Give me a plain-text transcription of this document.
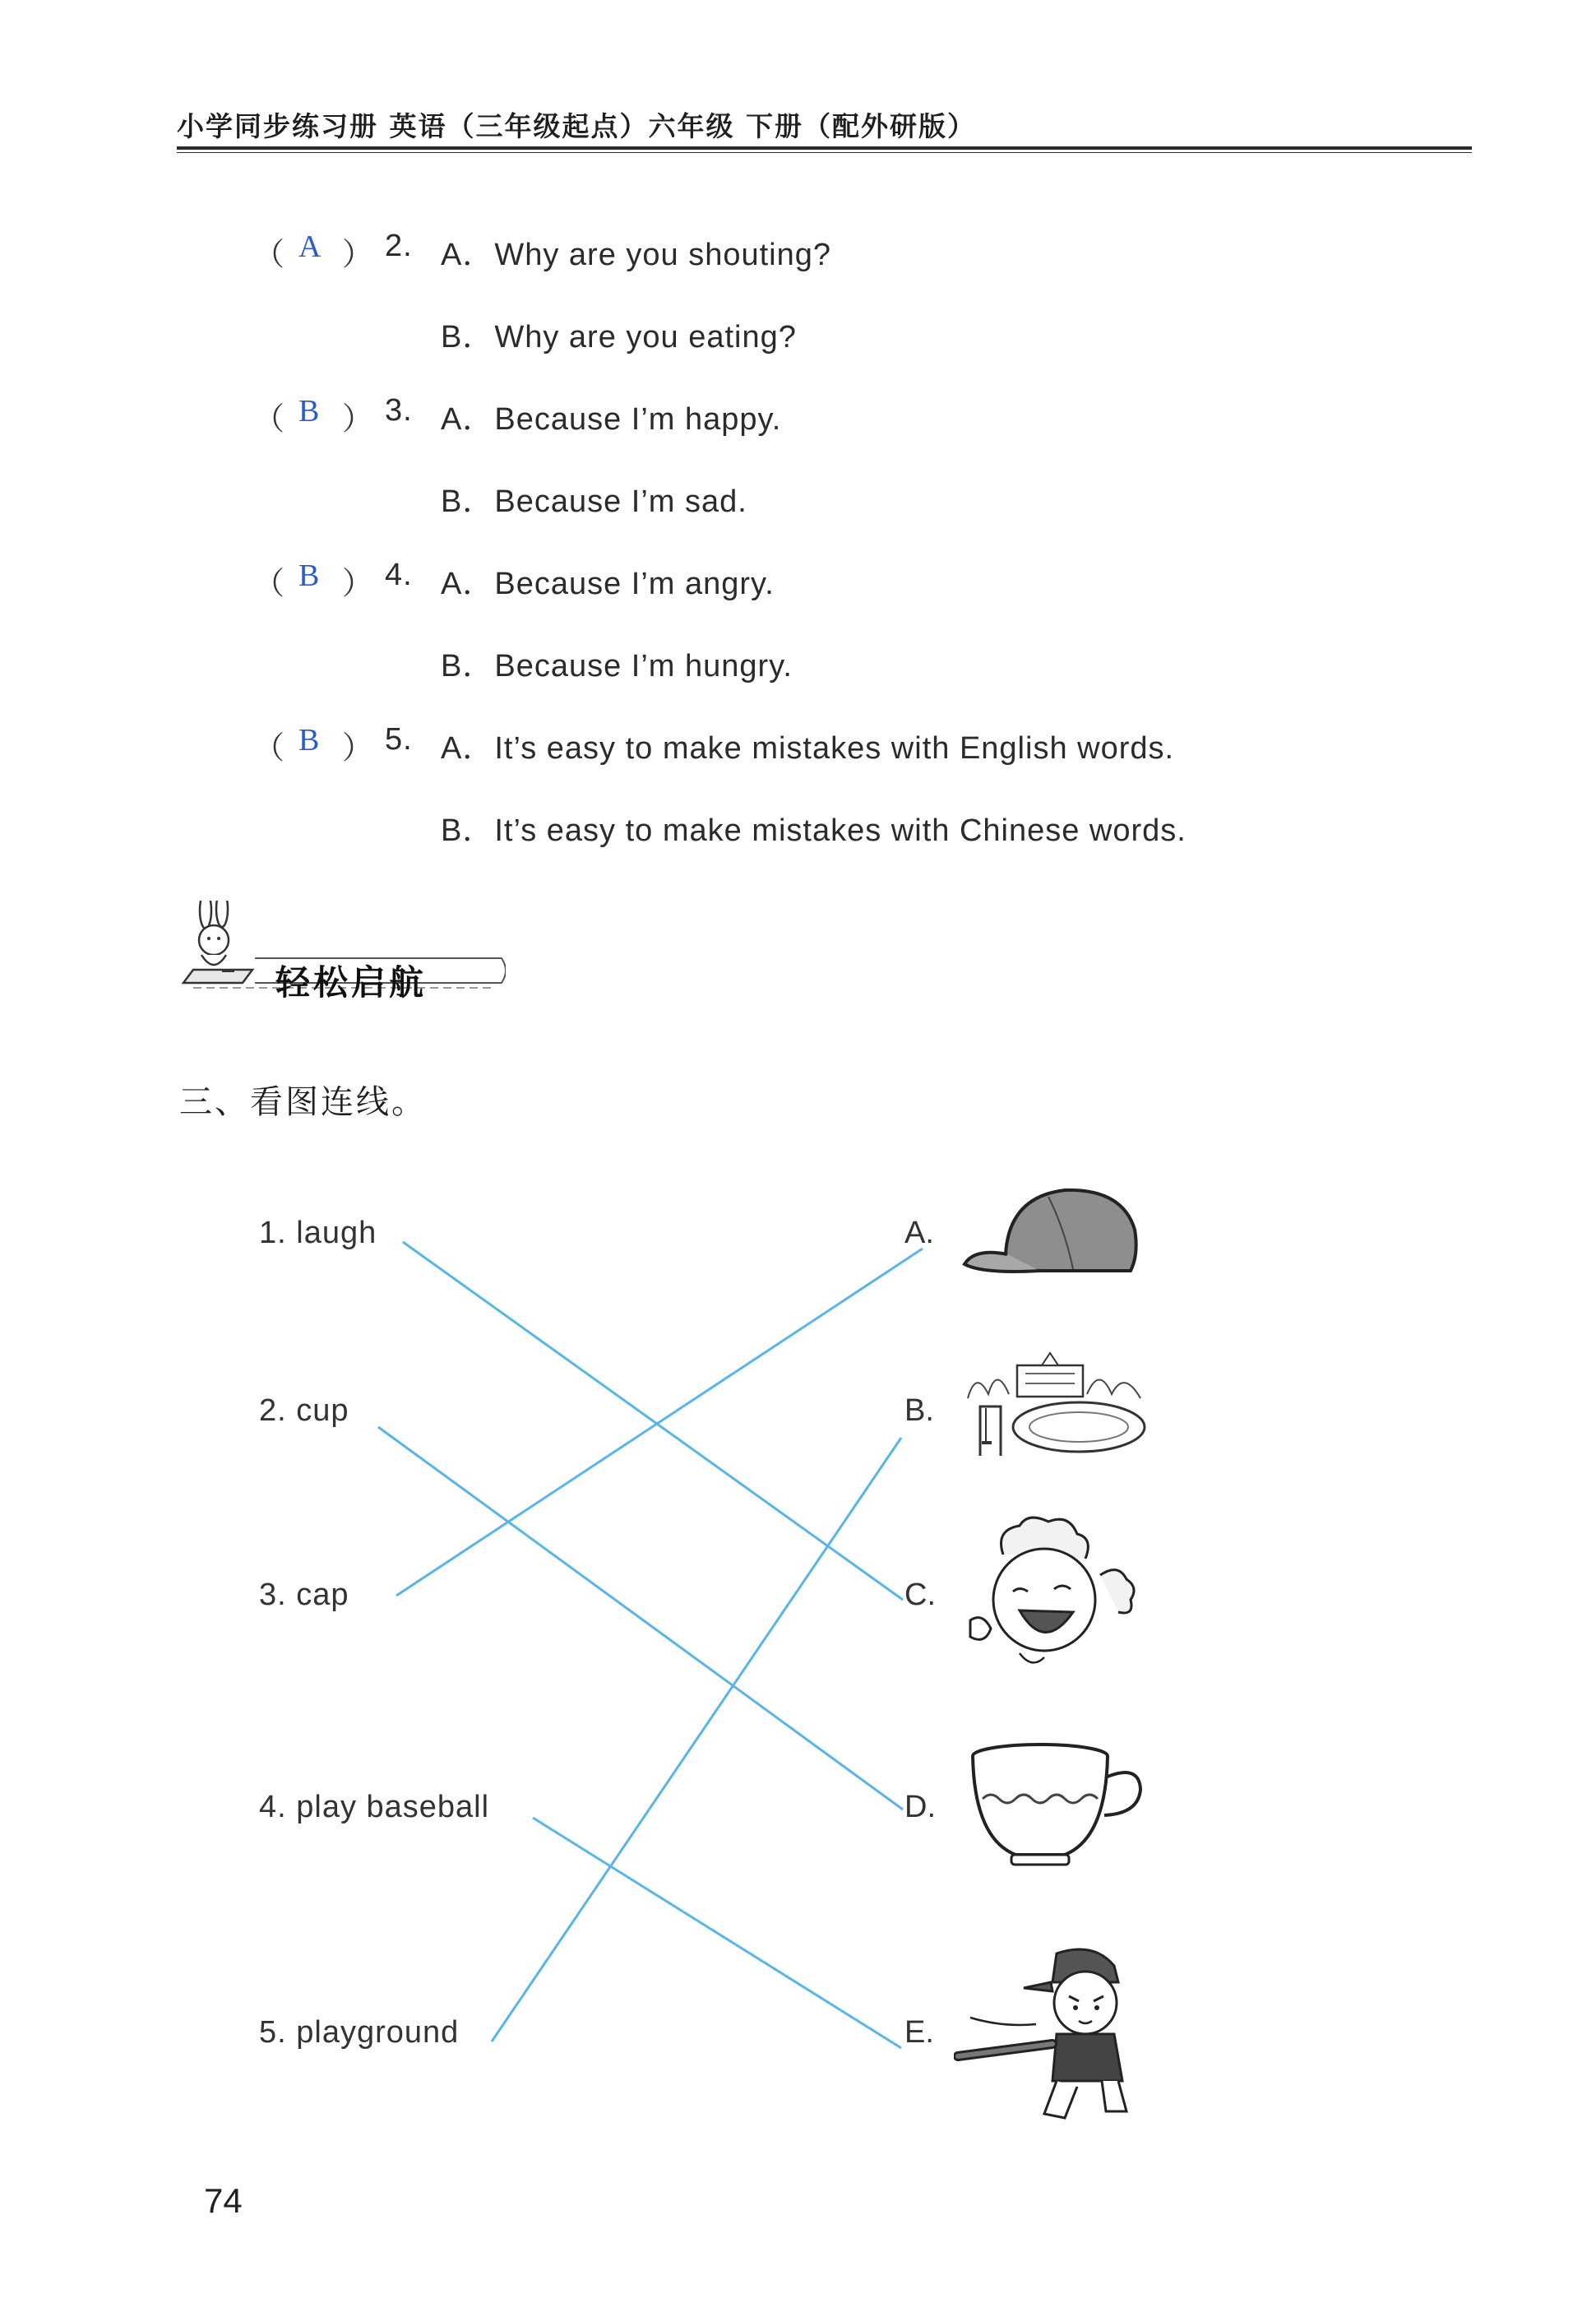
小学同步练习册 英语（三年级起点）六年级 下册（配外研版）
（ A ） 2. A．Why are you shouting?
B．Why are you eating?
（ B ） 3. A．Because I’m happy.
B．Because I’m sad.
（ B ） 4. A．Because I’m angry.
B．Because I’m hungry.
（ B ） 5. A．It’s easy to make mistakes with English words.
B．It’s easy to make mistakes with Chinese words.
轻松启航
三、看图连线。
1. laugh
2. cup
3. cap
4. play baseball
5. playground
A.
B.
C.
D.
E.
74
